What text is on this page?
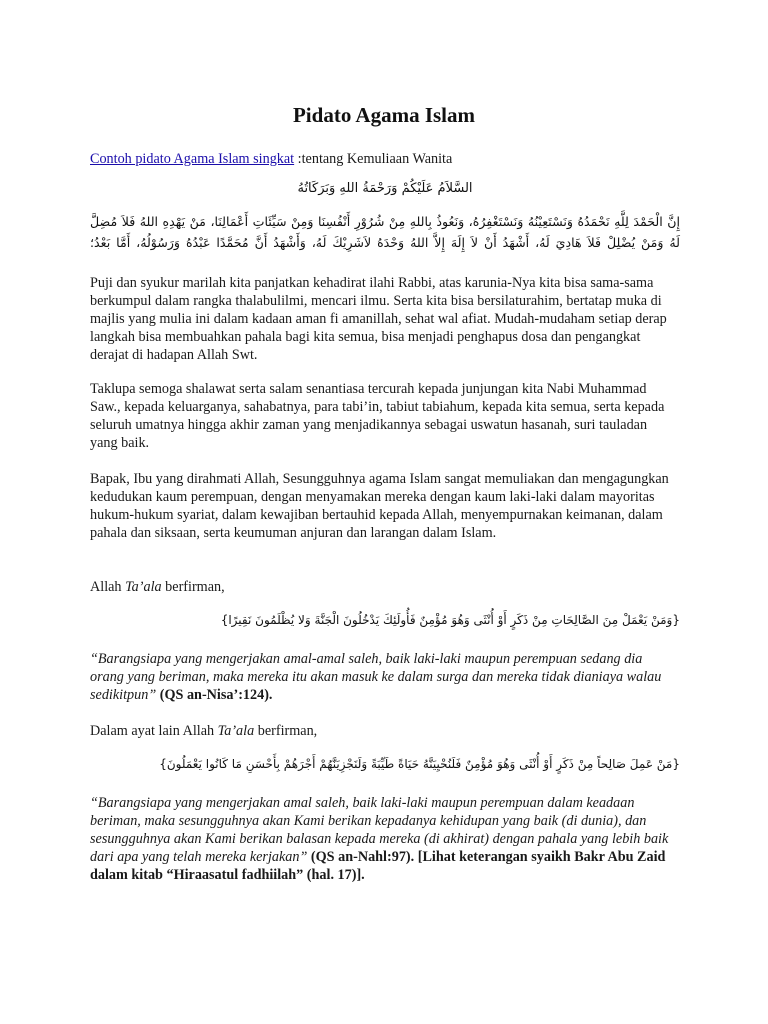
Pidato Agama Islam

Contoh pidato Agama Islam singkat :tentang Kemuliaan Wanita

السَّلاَمُ عَلَيْكُمْ وَرَحْمَةُ اللهِ وَبَرَكَاتُهُ
إِنَّ الْحَمْدَ لِلَّهِ نَحْمَدُهُ وَنَسْتَعِيْنُهُ وَنَسْتَغْفِرُهُ، وَنَعُوذُ بِاللهِ مِنْ شُرُوْرِ أَنْفُسِنَا وَمِنْ سَيِّئَاتِ أَعْمَالِنَا، مَنْ يَهْدِهِ اللهُ فَلاَ مُضِلَّ لَهُ وَمَنْ يُضْلِلْ فَلاَ هَادِيَ لَهُ، أَشْهَدُ أَنْ لاَ إِلَهَ إِلاَّ اللهُ وَحْدَهُ لاَشَرِيْكَ لَهُ، وَأَشْهَدُ أَنَّ مُحَمَّدًا عَبْدُهُ وَرَسُوْلُهُ، أَمَّا بَعْدُ؛

Puji dan syukur marilah kita panjatkan kehadirat ilahi Rabbi, atas karunia-Nya kita bisa sama-sama berkumpul dalam rangka thalabulilmi, mencari ilmu. Serta kita bisa bersilaturahim, bertatap muka di majlis yang mulia ini dalam kadaan aman fi amanillah, sehat wal afiat. Mudah-mudaham setiap derap langkah bisa membuahkan pahala bagi kita semua, bisa menjadi penghapus dosa dan pengangkat derajat di hadapan Allah Swt.

Taklupa semoga shalawat serta salam senantiasa tercurah kepada junjungan kita Nabi Muhammad Saw., kepada keluarganya, sahabatnya, para tabi’in, tabiut tabiahum, kepada kita semua, serta kepada seluruh umatnya hingga akhir zaman yang menjadikannya sebagai uswatun hasanah, suri tauladan yang baik.

Bapak, Ibu yang dirahmati Allah, Sesungguhnya agama Islam sangat memuliakan dan mengagungkan kedudukan kaum perempuan, dengan menyamakan mereka dengan kaum laki-laki dalam mayoritas hukum-hukum syariat, dalam kewajiban bertauhid kepada Allah, menyempurnakan keimanan, dalam pahala dan siksaan, serta keumuman anjuran dan larangan dalam Islam.

Allah Ta’ala berfirman,

{وَمَنْ يَعْمَلْ مِنَ الصَّالِحَاتِ مِنْ ذَكَرٍ أَوْ أُنْثَى وَهُوَ مُؤْمِنٌ فَأُولَئِكَ يَدْخُلُونَ الْجَنَّةَ وَلا يُظْلَمُونَ نَقِيرًا}

“Barangsiapa yang mengerjakan amal-amal saleh, baik laki-laki maupun perempuan sedang dia orang yang beriman, maka mereka itu akan masuk ke dalam surga dan mereka tidak dianiaya walau sedikitpun” (QS an-Nisa’:124).

Dalam ayat lain Allah Ta’ala berfirman,

{مَنْ عَمِلَ صَالِحاً مِنْ ذَكَرٍ أَوْ أُنْثَى وَهُوَ مُؤْمِنٌ فَلَنُحْيِيَنَّهُ حَيَاةً طَيِّبَةً وَلَنَجْزِيَنَّهُمْ أَجْرَهُمْ بِأَحْسَنِ مَا كَانُوا يَعْمَلُونَ}

“Barangsiapa yang mengerjakan amal saleh, baik laki-laki maupun perempuan dalam keadaan beriman, maka sesungguhnya akan Kami berikan kepadanya kehidupan yang baik (di dunia), dan sesungguhnya akan Kami berikan balasan kepada mereka (di akhirat) dengan pahala yang lebih baik dari apa yang telah mereka kerjakan” (QS an-Nahl:97). [Lihat keterangan syaikh Bakr Abu Zaid dalam kitab “Hiraasatul fadhiilah” (hal. 17)].
